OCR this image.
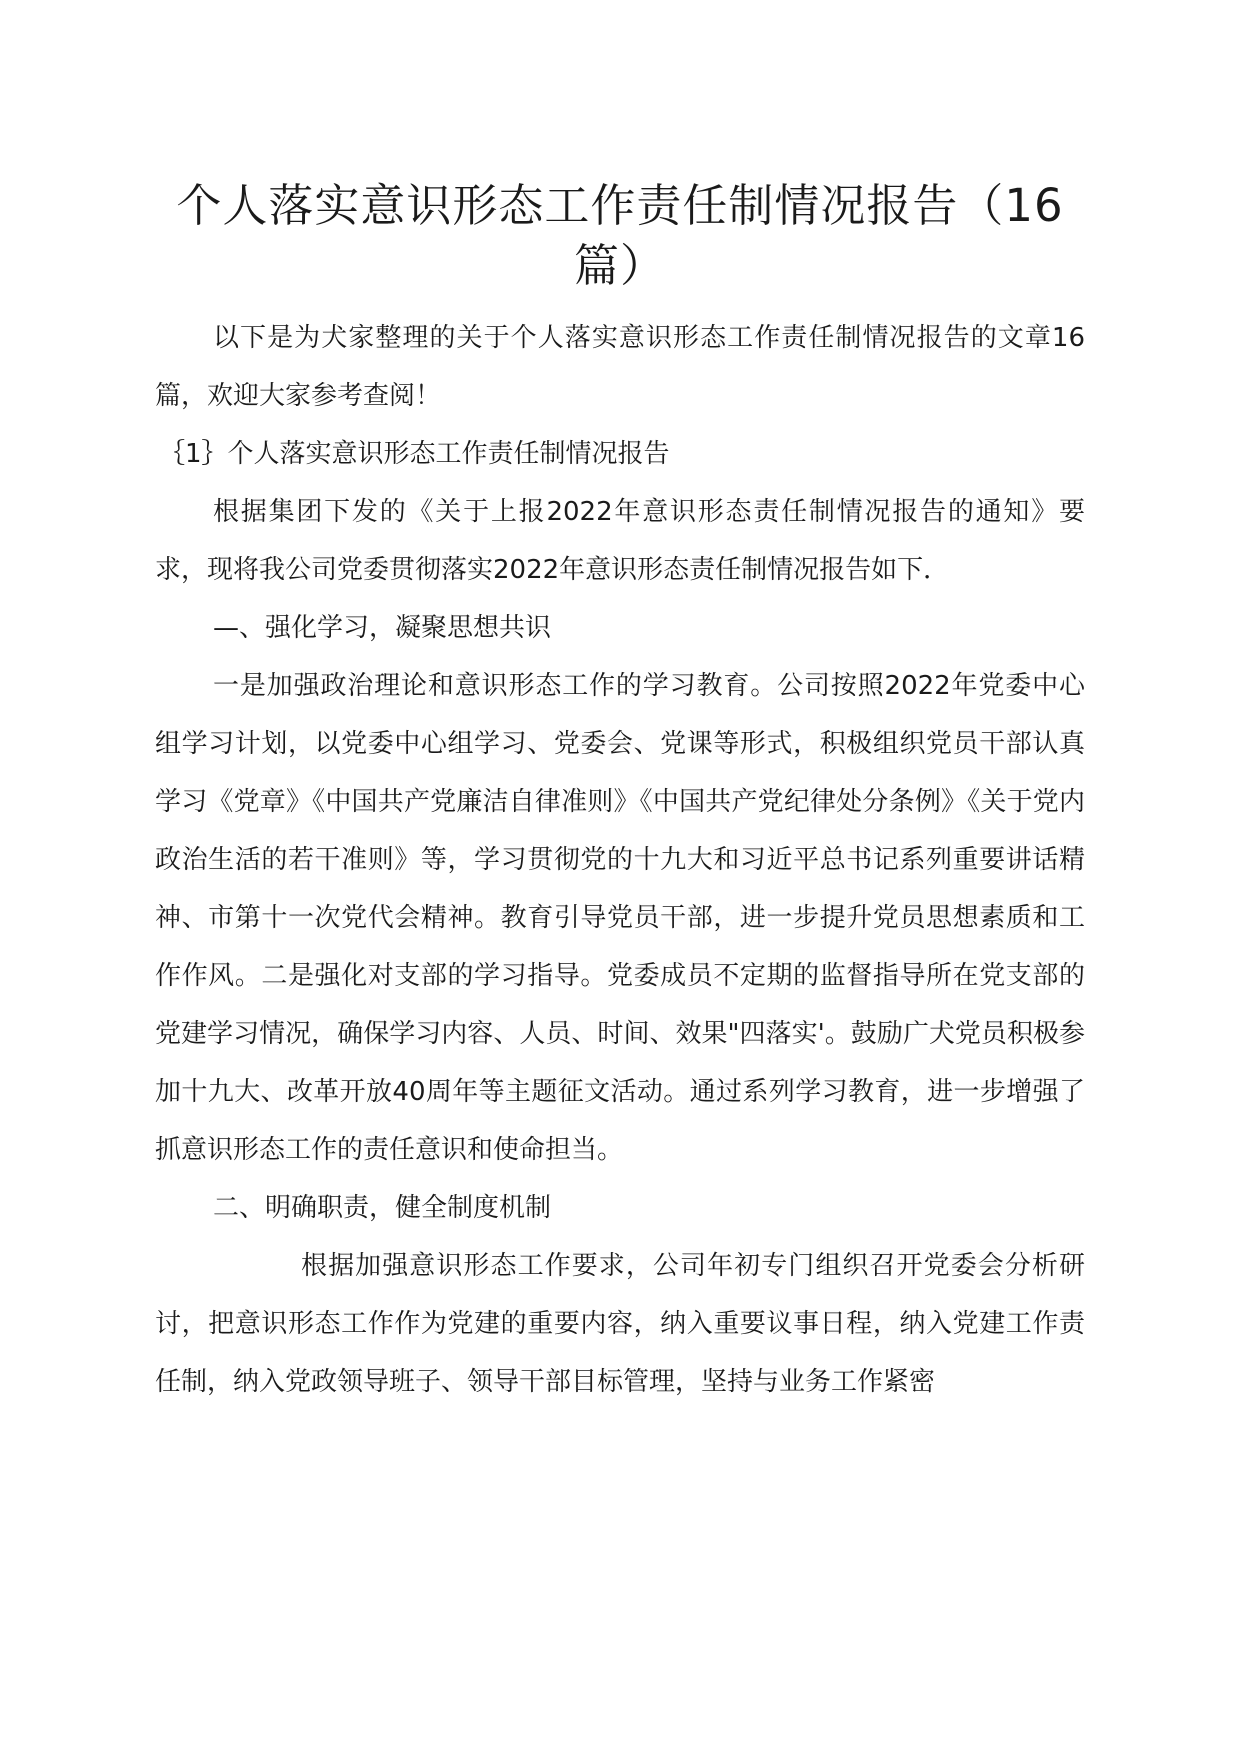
个人落实意识形态工作责任制情况报告（16篇）

以下是为犬家整理的关于个人落实意识形态工作责任制情况报告的文章16篇，欢迎大家参考查阅！

｛1｝个人落实意识形态工作责任制情况报告

根据集团下发的《关于上报2022年意识形态责任制情况报告的通知》要求，现将我公司党委贯彻落实2022年意识形态责任制情况报告如下．

—、强化学习，凝聚思想共识

一是加强政治理论和意识形态工作的学习教育。公司按照2022年党委中心组学习计划，以党委中心组学习、党委会、党课等形式，积极组织党员干部认真学习《党章》《中国共产党廉洁自律准则》《中国共产党纪律处分条例》《关于党内政治生活的若干准则》等，学习贯彻党的十九大和习近平总书记系列重要讲话精神、市第十一次党代会精神。教育引导党员干部，进一步提升党员思想素质和工作作风。二是强化对支部的学习指导。党委成员不定期的监督指导所在党支部的党建学习情况，确保学习内容、人员、时间、效果"四落实'。鼓励广犬党员积极参加十九大、改革开放40周年等主题征文活动。通过系列学习教育，进一步增强了抓意识形态工作的责任意识和使命担当。

二、明确职责，健全制度机制

根据加强意识形态工作要求，公司年初专门组织召开党委会分析研讨，把意识形态工作作为党建的重要内容，纳入重要议事日程，纳入党建工作责任制，纳入党政领导班子、领导干部目标管理，坚持与业务工作紧密
